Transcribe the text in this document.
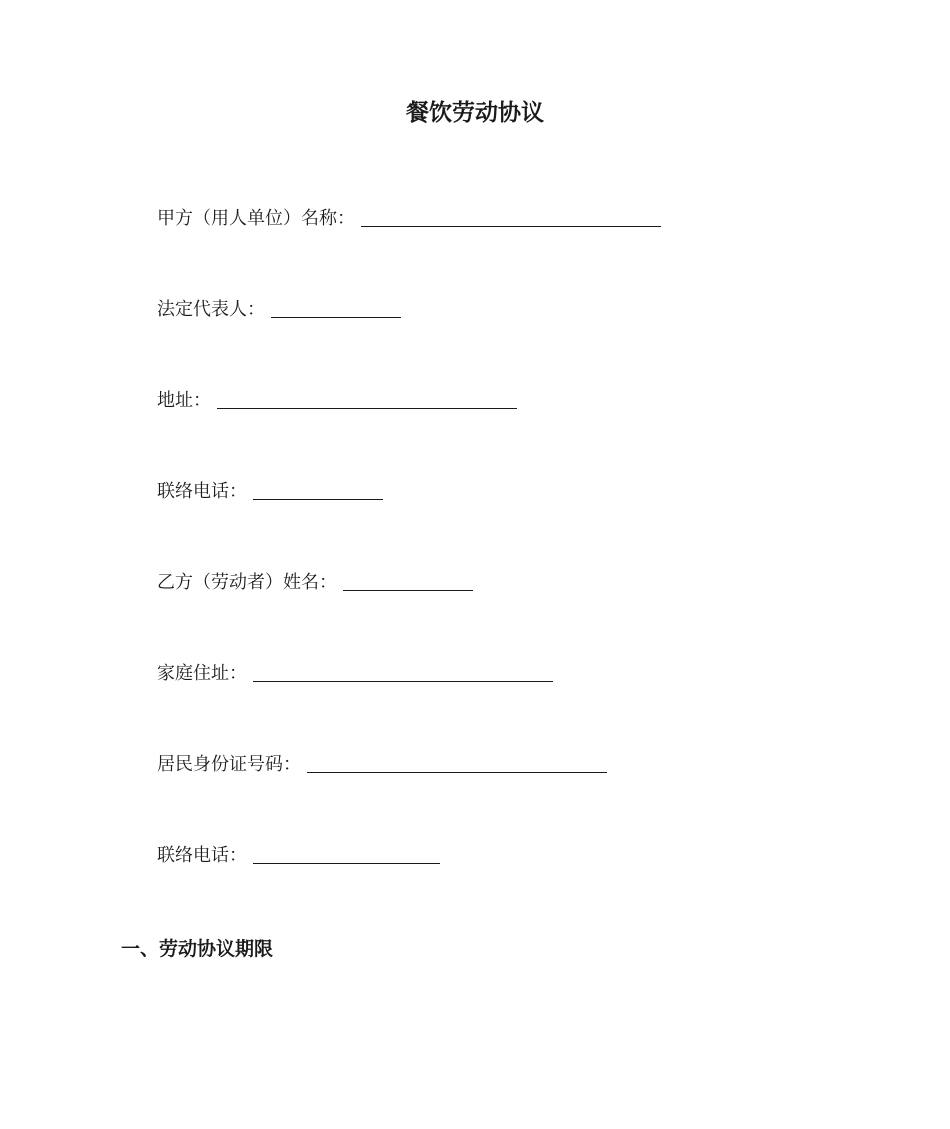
餐饮劳动协议
甲方（用人单位）名称：
法定代表人：
地址：
联络电话：
乙方（劳动者）姓名：
家庭住址：
居民身份证号码：
联络电话：
一、劳动协议期限
